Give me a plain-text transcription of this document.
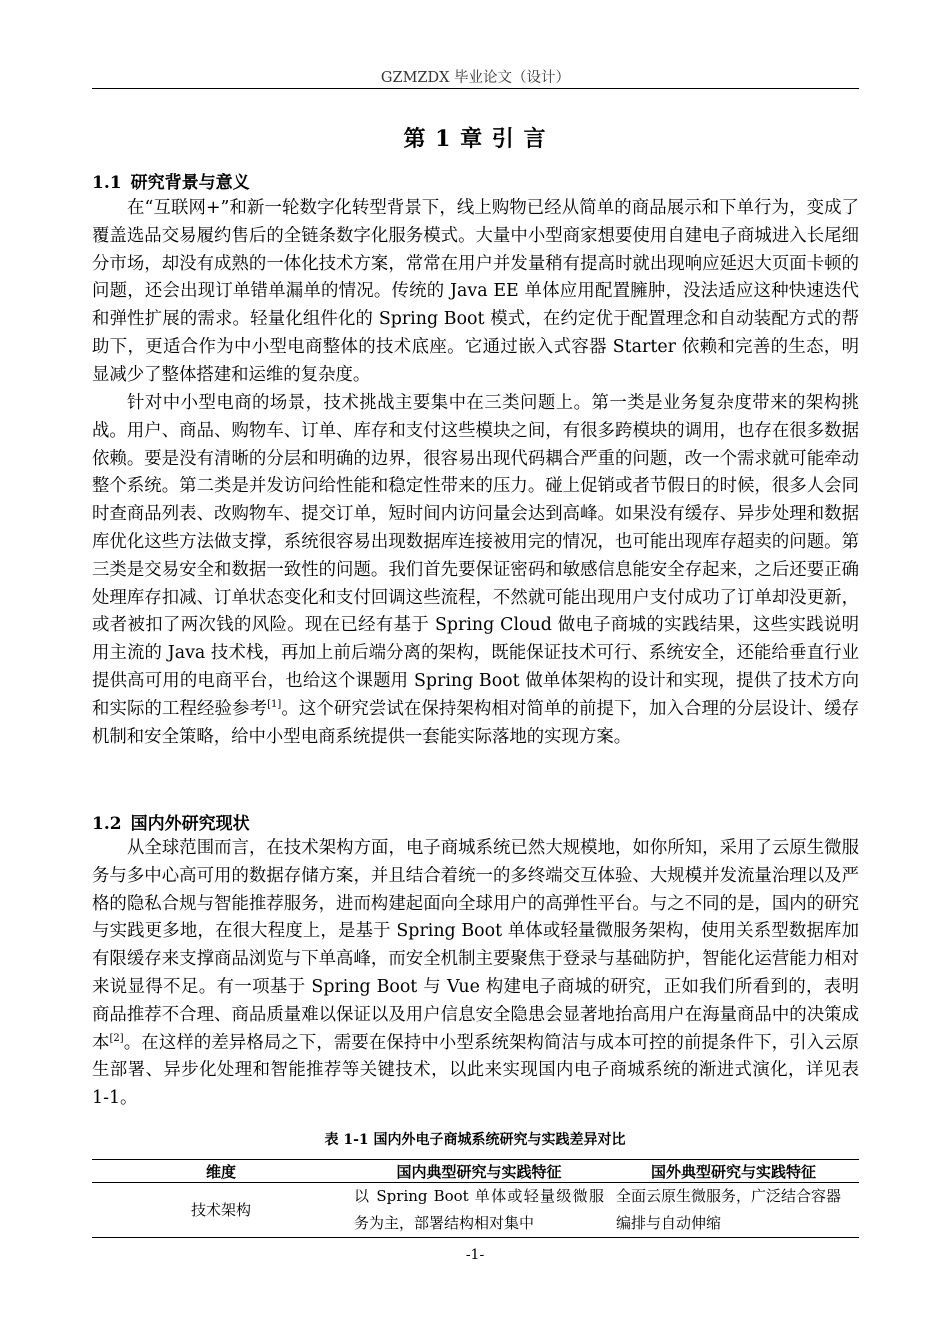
GZMZDX 毕业论文（设计）
第 1 章 引 言
1.1 研究背景与意义

在“互联网+”和新一轮数字化转型背景下，线上购物已经从简单的商品展示和下单行为，变成了覆盖选品交易履约售后的全链条数字化服务模式。大量中小型商家想要使用自建电子商城进入长尾细分市场，却没有成熟的一体化技术方案，常常在用户并发量稍有提高时就出现响应延迟大页面卡顿的问题，还会出现订单错单漏单的情况。传统的 Java EE 单体应用配置臃肿，没法适应这种快速迭代和弹性扩展的需求。轻量化组件化的 Spring Boot 模式，在约定优于配置理念和自动装配方式的帮助下，更适合作为中小型电商整体的技术底座。它通过嵌入式容器 Starter 依赖和完善的生态，明显减少了整体搭建和运维的复杂度。

针对中小型电商的场景，技术挑战主要集中在三类问题上。第一类是业务复杂度带来的架构挑战。用户、商品、购物车、订单、库存和支付这些模块之间，有很多跨模块的调用，也存在很多数据依赖。要是没有清晰的分层和明确的边界，很容易出现代码耦合严重的问题，改一个需求就可能牵动整个系统。第二类是并发访问给性能和稳定性带来的压力。碰上促销或者节假日的时候，很多人会同时查商品列表、改购物车、提交订单，短时间内访问量会达到高峰。如果没有缓存、异步处理和数据库优化这些方法做支撑，系统很容易出现数据库连接被用完的情况，也可能出现库存超卖的问题。第三类是交易安全和数据一致性的问题。我们首先要保证密码和敏感信息能安全存起来，之后还要正确处理库存扣减、订单状态变化和支付回调这些流程，不然就可能出现用户支付成功了订单却没更新，或者被扣了两次钱的风险。现在已经有基于 Spring Cloud 做电子商城的实践结果，这些实践说明用主流的 Java 技术栈，再加上前后端分离的架构，既能保证技术可行、系统安全，还能给垂直行业提供高可用的电商平台，也给这个课题用 Spring Boot 做单体架构的设计和实现，提供了技术方向和实际的工程经验参考[1]。这个研究尝试在保持架构相对简单的前提下，加入合理的分层设计、缓存机制和安全策略，给中小型电商系统提供一套能实际落地的实现方案。

1.2 国内外研究现状

从全球范围而言，在技术架构方面，电子商城系统已然大规模地，如你所知，采用了云原生微服务与多中心高可用的数据存储方案，并且结合着统一的多终端交互体验、大规模并发流量治理以及严格的隐私合规与智能推荐服务，进而构建起面向全球用户的高弹性平台。与之不同的是，国内的研究与实践更多地，在很大程度上，是基于 Spring Boot 单体或轻量微服务架构，使用关系型数据库加有限缓存来支撑商品浏览与下单高峰，而安全机制主要聚焦于登录与基础防护，智能化运营能力相对来说显得不足。有一项基于 Spring Boot 与 Vue 构建电子商城的研究，正如我们所看到的，表明商品推荐不合理、商品质量难以保证以及用户信息安全隐患会显著地抬高用户在海量商品中的决策成本[2]。在这样的差异格局之下，需要在保持中小型系统架构简洁与成本可控的前提条件下，引入云原生部署、异步化处理和智能推荐等关键技术，以此来实现国内电子商城系统的渐进式演化，详见表 1-1。

表 1-1 国内外电子商城系统研究与实践差异对比
维度	国内典型研究与实践特征	国外典型研究与实践特征
技术架构	以 Spring Boot 单体或轻量级微服务为主，部署结构相对集中	全面云原生微服务，广泛结合容器编排与自动伸缩
-1-
